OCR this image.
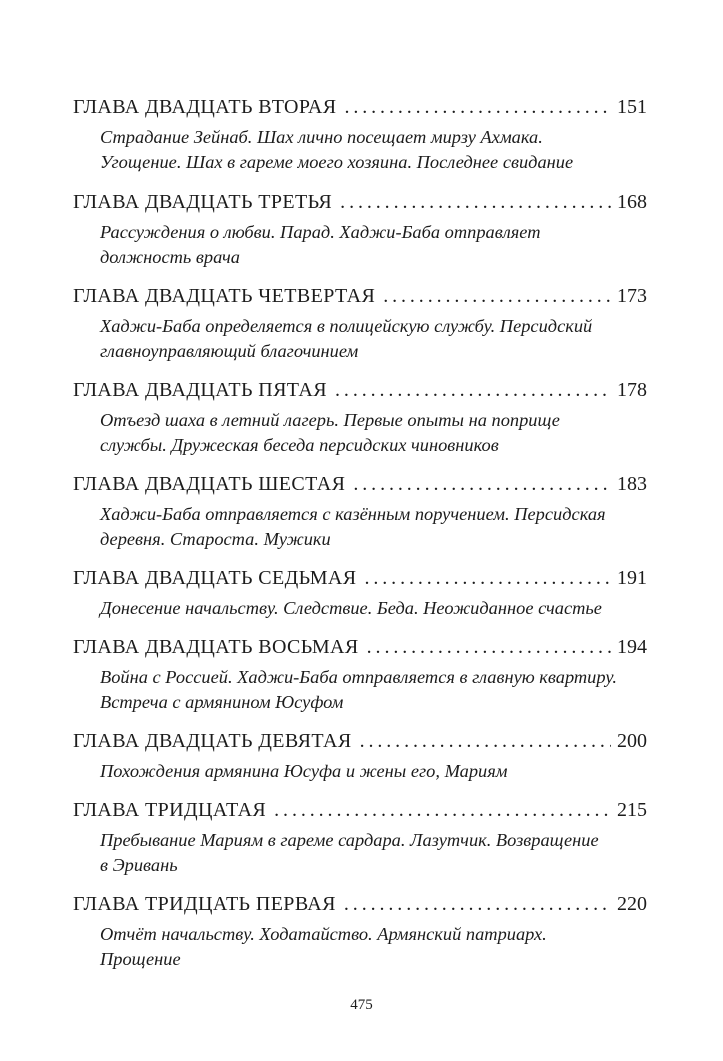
ГЛАВА ДВАДЦАТЬ ВТОРАЯ .....	151
Страдание Зейнаб. Шах лично посещает мирзу Ахмака.
Угощение. Шах в гареме моего хозяина. Последнее свидание
ГЛАВА ДВАДЦАТЬ ТРЕТЬЯ .....	168
Рассуждения о любви. Парад. Хаджи-Баба отправляет
должность врача
ГЛАВА ДВАДЦАТЬ ЧЕТВЕРТАЯ .....	173
Хаджи-Баба определяется в полицейскую службу. Персидский
главноуправляющий благочинием
ГЛАВА ДВАДЦАТЬ ПЯТАЯ .....	178
Отъезд шаха в летний лагерь. Первые опыты на поприще
службы. Дружеская беседа персидских чиновников
ГЛАВА ДВАДЦАТЬ ШЕСТАЯ .....	183
Хаджи-Баба отправляется с казённым поручением. Персидская
деревня. Староста. Мужики
ГЛАВА ДВАДЦАТЬ СЕДЬМАЯ .....	191
Донесение начальству. Следствие. Беда. Неожиданное счастье
ГЛАВА ДВАДЦАТЬ ВОСЬМАЯ .....	194
Война с Россией. Хаджи-Баба отправляется в главную квартиру.
Встреча с армянином Юсуфом
ГЛАВА ДВАДЦАТЬ ДЕВЯТАЯ .....	200
Похождения армянина Юсуфа и жены его, Мариям
ГЛАВА ТРИДЦАТАЯ .....	215
Пребывание Мариям в гареме сардара. Лазутчик. Возвращение
в Эривань
ГЛАВА ТРИДЦАТЬ ПЕРВАЯ .....	220
Отчёт начальству. Ходатайство. Армянский патриарх.
Прощение
475
